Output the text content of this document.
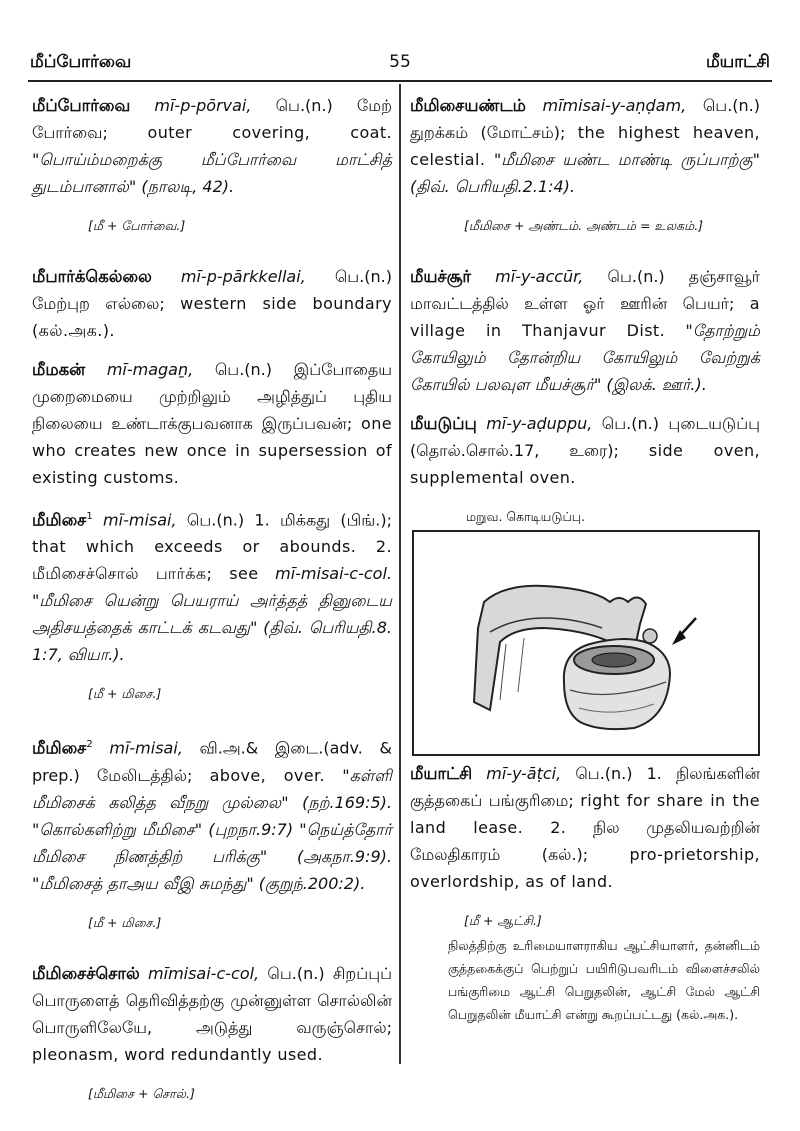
மீப்போர்வை	55	மீயாட்சி
மீப்போர்வை mī-p-pōrvai, பெ.(n.) மேற் போர்வை; outer covering, coat. "பொய்ம்மறைக்கு மீப்போர்வை மாட்சித் துடம்பானால்" (நாலடி, 42).
[மீ + போர்வை.]
மீபார்க்கெல்லை mī-p-pārkkellai, பெ.(n.) மேற்புற எல்லை; western side boundary (கல்.அக.).
மீமகன் mī-magaṉ, பெ.(n.) இப்போதைய முறைமையை முற்றிலும் அழித்துப் புதிய நிலையை உண்டாக்குபவனாக இருப்பவன்; one who creates new once in supersession of existing customs.
மீமிசை$^1$ mī-misai, பெ.(n.) 1. மிக்கது (பிங்.); that which exceeds or abounds. 2. மீமிசைச்சொல் பார்க்க; see mī-misai-c-col. "மீமிசை யென்று பெயராய் அர்த்தத் தினுடைய அதிசயத்தைக் காட்டக் கடவது" (திவ். பெரியதி.8. 1:7, வியா.).
[மீ + மிசை.]
மீமிசை$^2$ mī-misai, வி.அ.& இடை.(adv. & prep.) மேலிடத்தில்; above, over. "கள்ளி மீமிசைக் கலித்த வீநறு முல்லை" (நற்.169:5). "கொல்களிற்று மீமிசை" (புறநா.9:7) "நெய்த்தோர் மீமிசை நிணத்திற் பரிக்கு" (அகநா.9:9). "மீமிசைத் தாஅய வீஇ சுமந்து" (குறுந்.200:2).
[மீ + மிசை.]
மீமிசைச்சொல் mīmisai-c-col, பெ.(n.) சிறப்புப் பொருளைத் தெரிவித்தற்கு முன்னுள்ள சொல்லின் பொருளிலேயே, அடுத்து வருஞ்சொல்; pleonasm, word redundantly used.
[மீமிசை + சொல்.]
மீமிசையண்டம் mīmisai-y-aṇḍam, பெ.(n.) துறக்கம் (மோட்சம்); the highest heaven, celestial. "மீமிசை யண்ட மாண்டி ருப்பாற்கு" (திவ். பெரியதி.2.1:4).
[மீமிசை + அண்டம். அண்டம் = உலகம்.]
மீயச்சூர் mī-y-accūr, பெ.(n.) தஞ்சாவூர் மாவட்டத்தில் உள்ள ஓர் ஊரின் பெயர்; a village in Thanjavur Dist. "தோற்றும் கோயிலும் தோன்றிய கோயிலும் வேற்றுக் கோயில் பலவுள மீயச்சூர்" (இலக். ஊர்.).
மீயடுப்பு mī-y-aḍuppu, பெ.(n.) புடையடுப்பு (தொல்.சொல்.17, உரை); side oven, supplemental oven.
மறுவ. கொடியடுப்பு.
மீயாட்சி mī-y-āṭci, பெ.(n.) 1. நிலங்களின் குத்தகைப் பங்குரிமை; right for share in the land lease. 2. நில முதலியவற்றின் மேலதிகாரம் (கல்.);	pro-prietorship, overlordship, as of land.
[மீ + ஆட்சி.]
நிலத்திற்கு உரிமையாளராகிய ஆட்சியாளர், தன்னிடம் குத்தகைக்குப் பெற்றுப் பயிரிடுபவரிடம் விளைச்சலில் பங்குரிமை ஆட்சி பெறுதலின், ஆட்சி மேல் ஆட்சி பெறுதலின் மீயாட்சி என்று கூறப்பட்டது (கல்.அக.).
